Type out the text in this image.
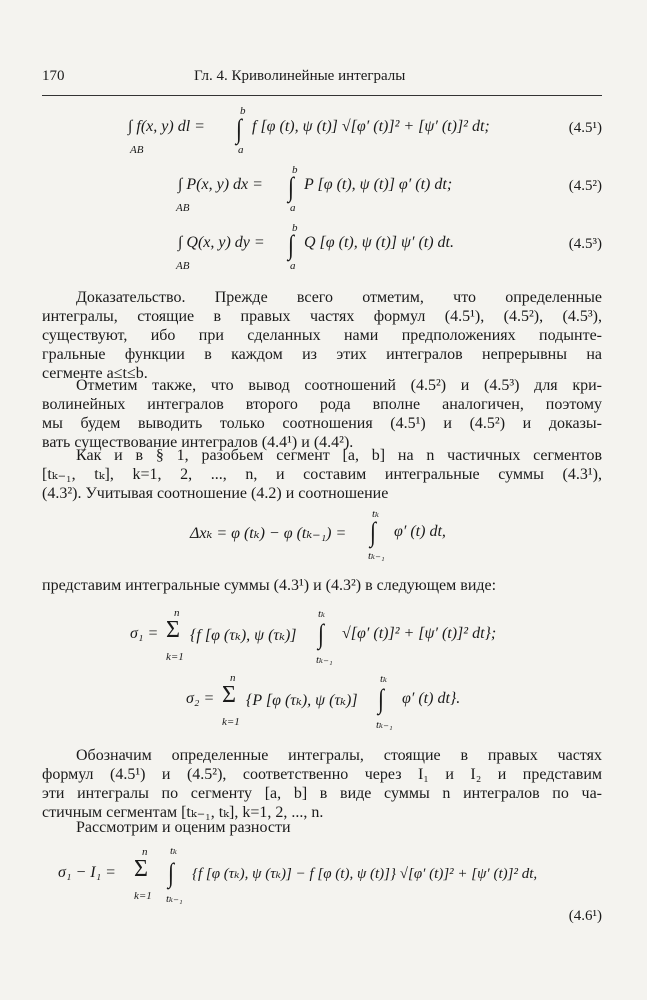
170	Гл. 4. Криволинейные интегралы
∫ f(x, y) dl =
AB
b
∫
a
f [φ (t), ψ (t)] √[φ′ (t)]² + [ψ′ (t)]² dt;	(4.5¹)
∫ P(x, y) dx =
AB
b
∫
a
P [φ (t), ψ (t)] φ′ (t) dt;	(4.5²)
∫ Q(x, y) dy =
AB
b
∫
a
Q [φ (t), ψ (t)] ψ′ (t) dt.	(4.5³)
Доказательство. Прежде всего отметим, что определенные
интегралы, стоящие в правых частях формул (4.5¹), (4.5²), (4.5³),
существуют, ибо при сделанных нами предположениях подынте-
гральные функции в каждом из этих интегралов непрерывны на
сегменте a≤t≤b.
Отметим также, что вывод соотношений (4.5²) и (4.5³) для кри-
волинейных интегралов второго рода вполне аналогичен, поэтому
мы будем выводить только соотношения (4.5¹) и (4.5²) и доказы-
вать существование интегралов (4.4¹) и (4.4²).
Как и в § 1, разобьем сегмент [a, b] на n частичных сегментов
[tₖ₋₁, tₖ], k=1, 2, ..., n, и составим интегральные суммы (4.3¹),
(4.3²). Учитывая соотношение (4.2) и соотношение
Δxₖ = φ (tₖ) − φ (tₖ₋₁) =
tₖ
∫
tₖ₋₁
φ′ (t) dt,
представим интегральные суммы (4.3¹) и (4.3²) в следующем виде:
σ₁ =
n
Σ
k=1
{f [φ (τₖ), ψ (τₖ)]
tₖ
∫
tₖ₋₁
√[φ′ (t)]² + [ψ′ (t)]² dt};
σ₂ =
n
Σ
k=1
{P [φ (τₖ), ψ (τₖ)]
tₖ
∫
tₖ₋₁
φ′ (t) dt}.
Обозначим определенные интегралы, стоящие в правых частях
формул (4.5¹) и (4.5²), соответственно через I₁ и I₂ и представим
эти интегралы по сегменту [a, b] в виде суммы n интегралов по ча-
стичным сегментам [tₖ₋₁, tₖ], k=1, 2, ..., n.
Рассмотрим и оценим разности
σ₁ − I₁ =
n
Σ
k=1
tₖ
∫
tₖ₋₁
{f [φ (τₖ), ψ (τₖ)] − f [φ (t), ψ (t)]} √[φ′ (t)]² + [ψ′ (t)]² dt,
(4.6¹)
